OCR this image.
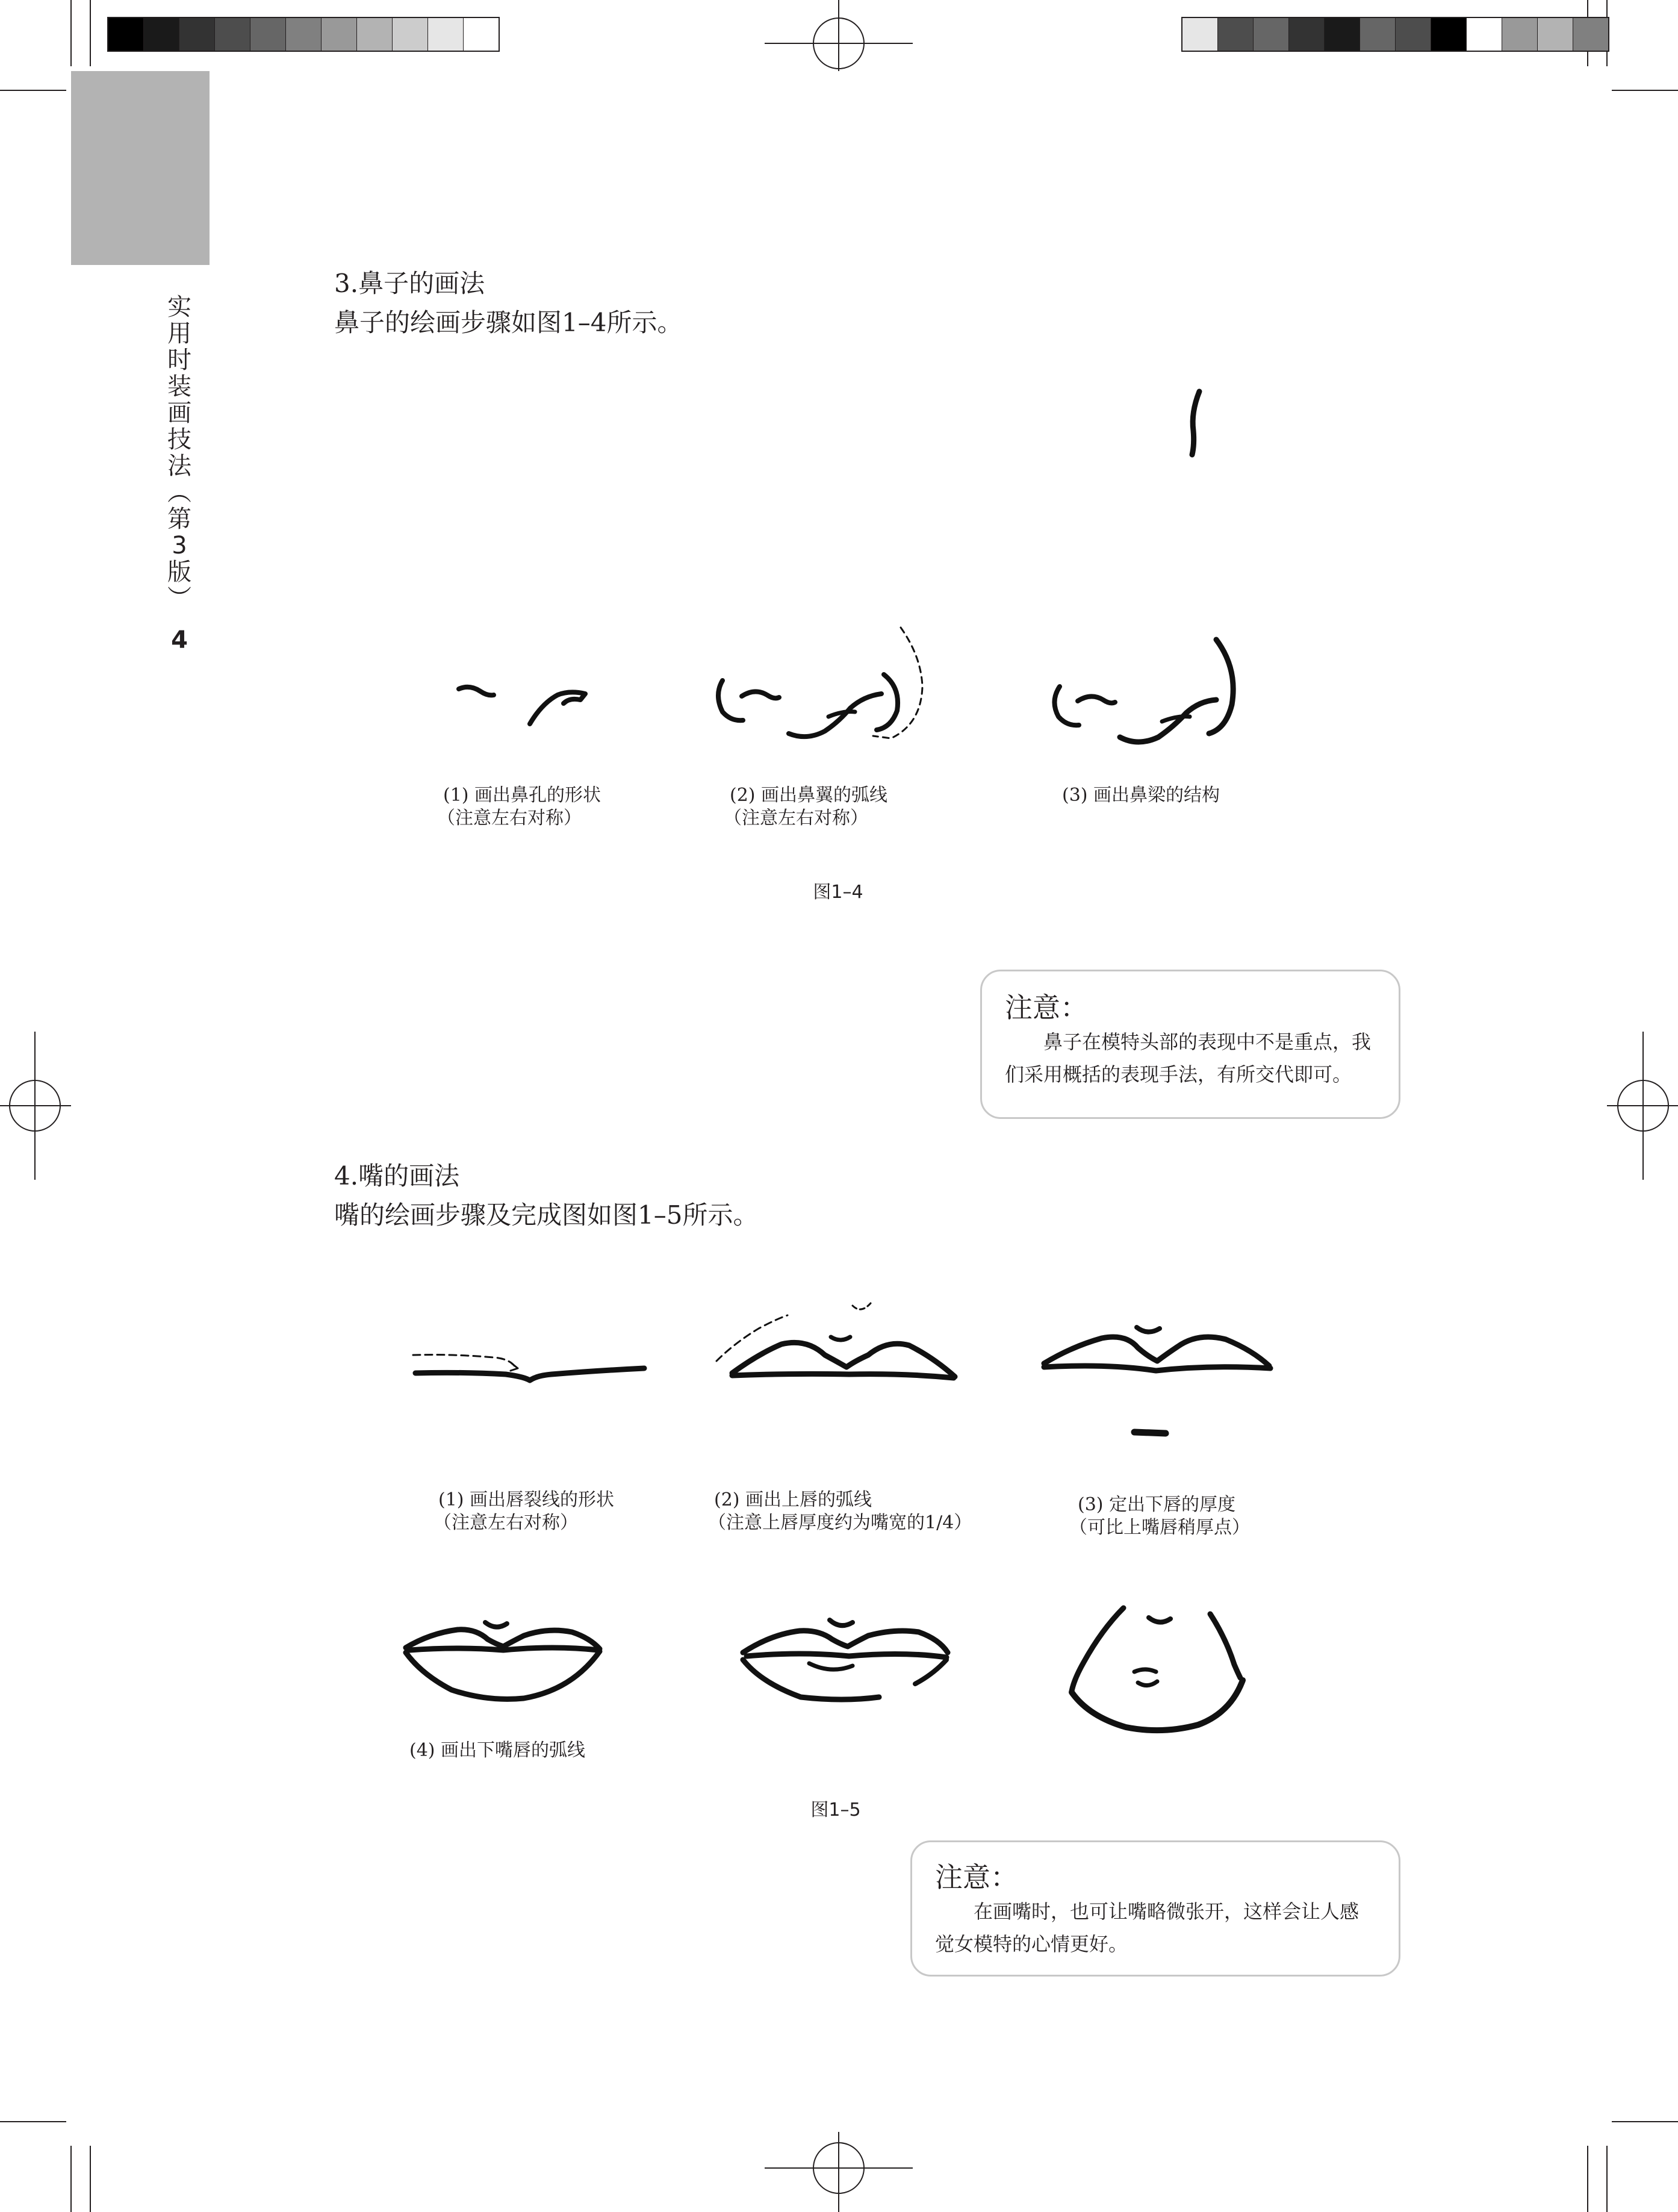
实
用
时
装
画
技
法
︵
第
3
版
︶
4
3.鼻子的画法
鼻子的绘画步骤如图1–4所示。
(1) 画出鼻孔的形状
（注意左右对称）
(2) 画出鼻翼的弧线
（注意左右对称）
(3) 画出鼻梁的结构
图1–4
注意：
鼻子在模特头部的表现中不是重点，我们采用概括的表现手法，有所交代即可。
4.嘴的画法
嘴的绘画步骤及完成图如图1–5所示。
(1) 画出唇裂线的形状
（注意左右对称）
(2) 画出上唇的弧线
（注意上唇厚度约为嘴宽的1/4）
(3) 定出下唇的厚度
（可比上嘴唇稍厚点）
(4) 画出下嘴唇的弧线
图1–5
注意：
在画嘴时，也可让嘴略微张开，这样会让人感觉女模特的心情更好。
